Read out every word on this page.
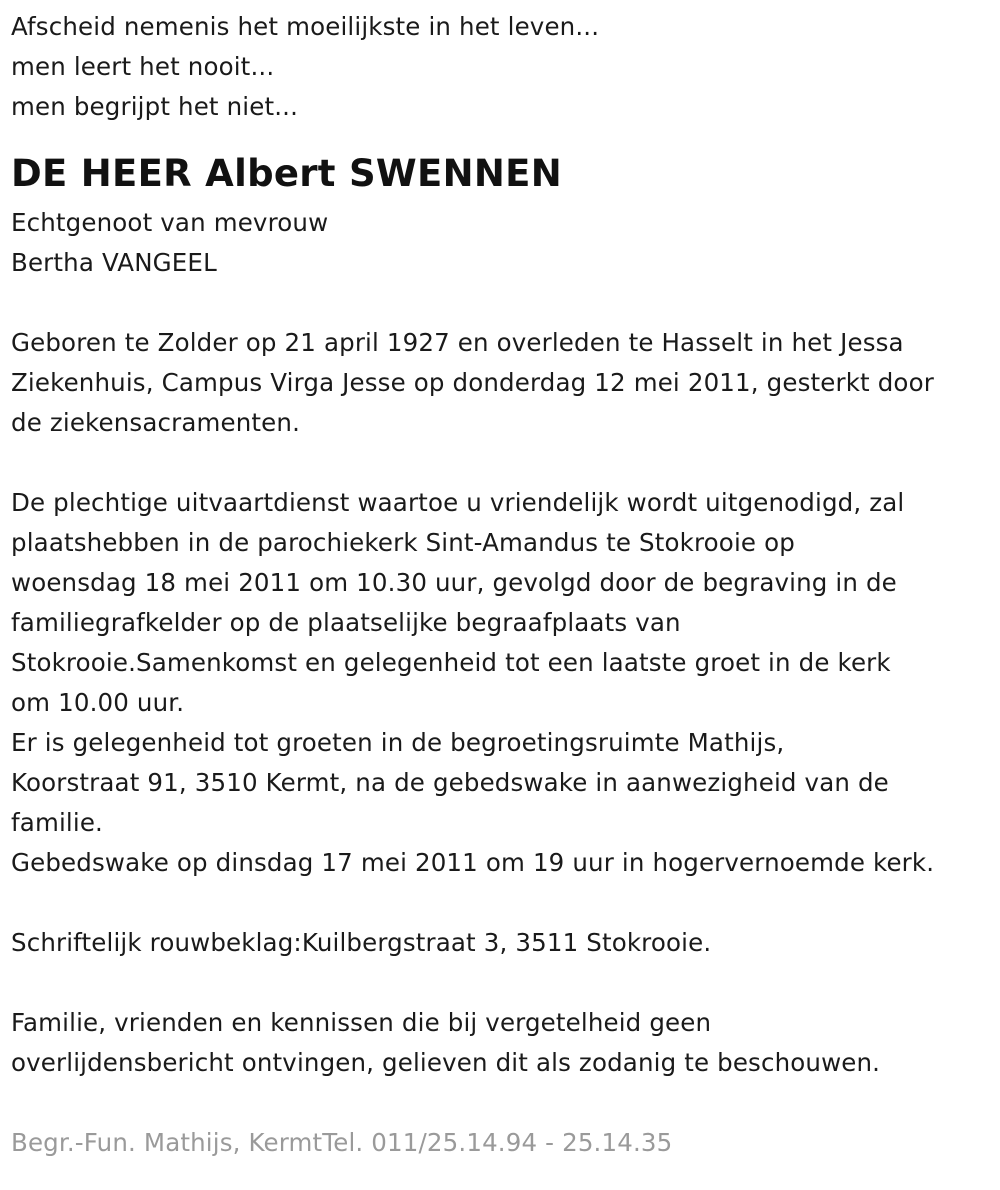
Afscheid nemenis het moeilijkste in het leven...
men leert het nooit...
men begrijpt het niet...
DE HEER Albert SWENNEN
Echtgenoot van mevrouw
Bertha VANGEEL
Geboren te Zolder op 21 april 1927 en overleden te Hasselt in het Jessa
Ziekenhuis, Campus Virga Jesse op donderdag 12 mei 2011, gesterkt door
de ziekensacramenten.
De plechtige uitvaartdienst waartoe u vriendelijk wordt uitgenodigd, zal
plaatshebben in de parochiekerk Sint-Amandus te Stokrooie op
woensdag 18 mei 2011 om 10.30 uur, gevolgd door de begraving in de
familiegrafkelder op de plaatselijke begraafplaats van
Stokrooie.Samenkomst en gelegenheid tot een laatste groet in de kerk
om 10.00 uur.
Er is gelegenheid tot groeten in de begroetingsruimte Mathijs,
Koorstraat 91, 3510 Kermt, na de gebedswake in aanwezigheid van de
familie.
Gebedswake op dinsdag 17 mei 2011 om 19 uur in hogervernoemde kerk.
Schriftelijk rouwbeklag:Kuilbergstraat 3, 3511 Stokrooie.
Familie, vrienden en kennissen die bij vergetelheid geen
overlijdensbericht ontvingen, gelieven dit als zodanig te beschouwen.
Begr.-Fun. Mathijs, KermtTel. 011/25.14.94 - 25.14.35
